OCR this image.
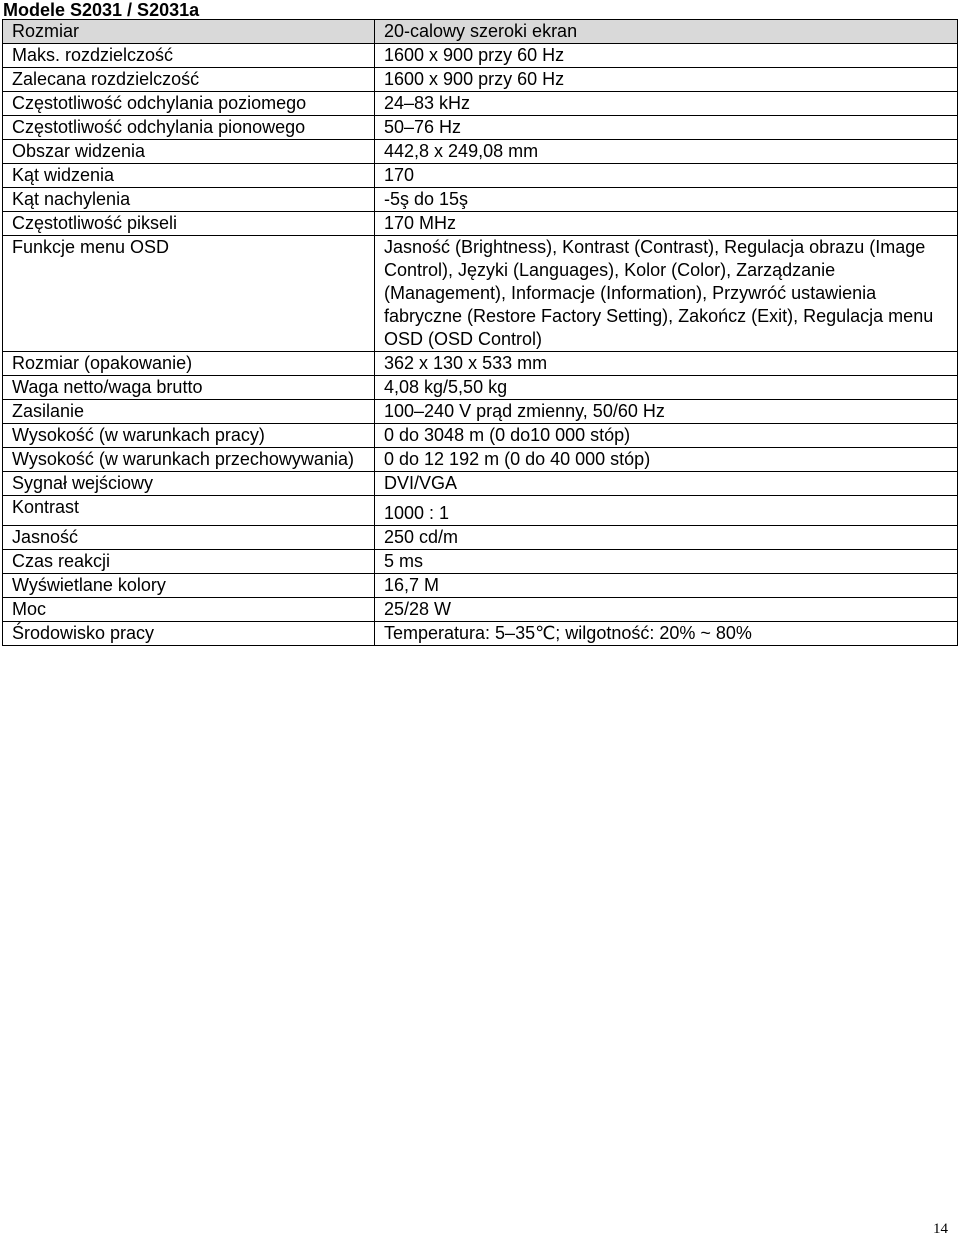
Modele S2031 / S2031a
Rozmiar	20-calowy szeroki ekran
Maks. rozdzielczość	1600 x 900 przy 60 Hz
Zalecana rozdzielczość	1600 x 900 przy 60 Hz
Częstotliwość odchylania poziomego	24–83 kHz
Częstotliwość odchylania pionowego	50–76 Hz
Obszar widzenia	442,8 x 249,08 mm
Kąt widzenia	170
Kąt nachylenia	-5ş do 15ş
Częstotliwość pikseli	170 MHz
Funkcje menu OSD	Jasność (Brightness), Kontrast (Contrast), Regulacja obrazu (Image Control), Języki (Languages), Kolor (Color), Zarządzanie (Management), Informacje (Information), Przywróć ustawienia fabryczne (Restore Factory Setting), Zakończ (Exit), Regulacja menu OSD (OSD Control)
Rozmiar (opakowanie)	362 x 130 x 533 mm
Waga netto/waga brutto	4,08 kg/5,50 kg
Zasilanie	100–240 V prąd zmienny, 50/60 Hz
Wysokość (w warunkach pracy)	0 do 3048 m (0 do10 000 stóp)
Wysokość (w warunkach przechowywania)	0 do 12 192 m (0 do 40 000 stóp)
Sygnał wejściowy	DVI/VGA
Kontrast	1000 : 1
Jasność	250 cd/m
Czas reakcji	5 ms
Wyświetlane kolory	16,7 M
Moc	25/28 W
Środowisko pracy	Temperatura: 5–35℃; wilgotność: 20% ~ 80%
14
